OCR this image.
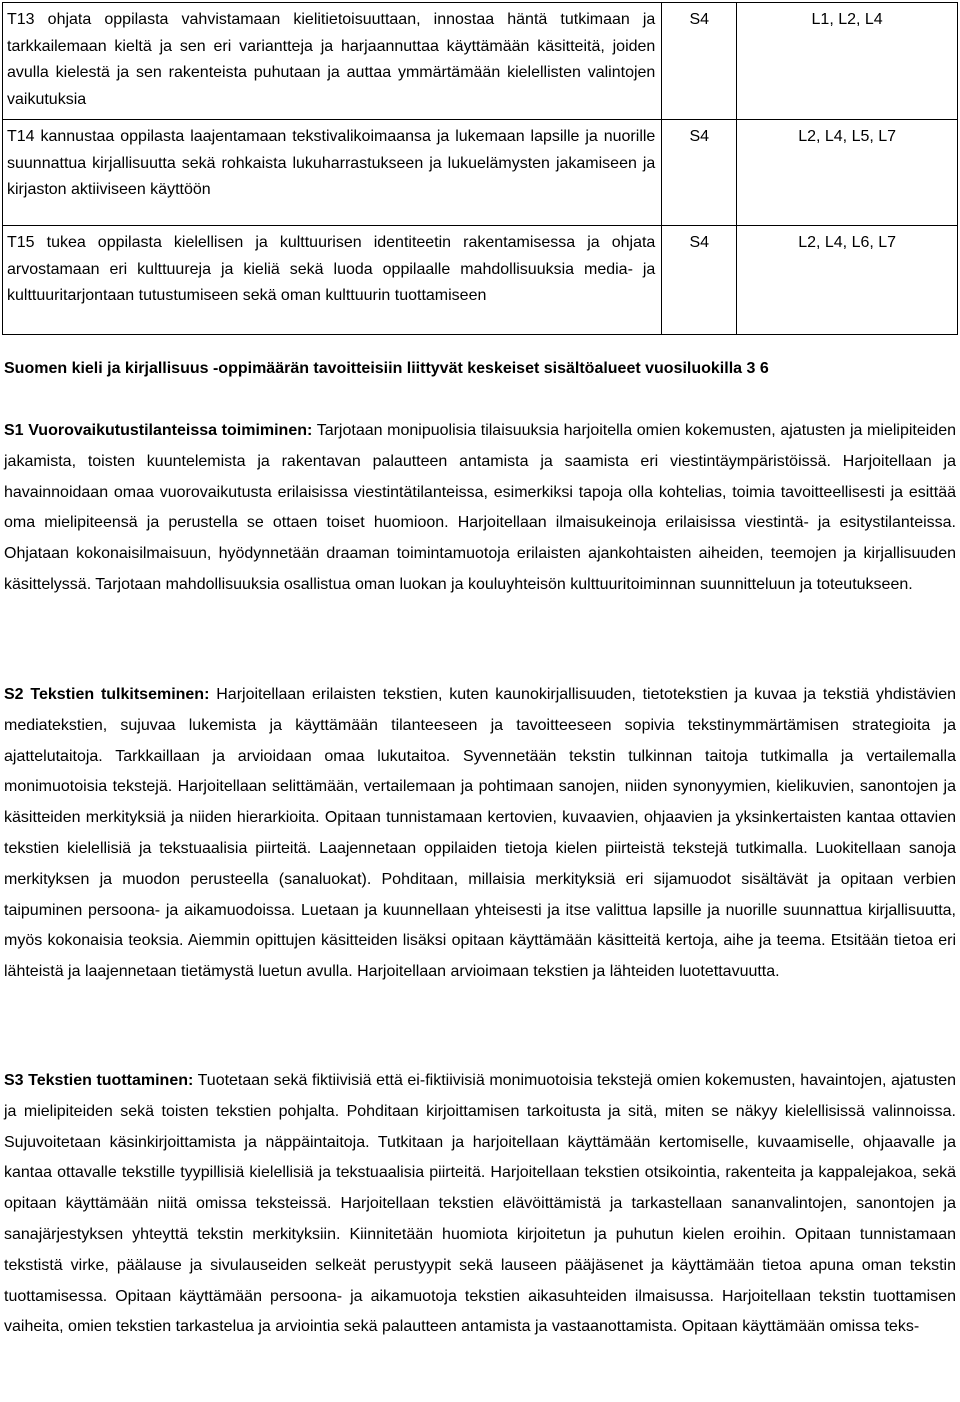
T13 ohjata oppilasta vahvistamaan kielitietoisuuttaan, innostaa häntä tutkimaan ja tarkkailemaan kieltä ja sen eri variantteja ja harjaannuttaa käyttämään käsitteitä, joiden avulla kielestä ja sen rakenteista puhutaan ja auttaa ymmärtämään kielellisten valintojen vaikutuksia	S4	L1, L2, L4

T14 kannustaa oppilasta laajentamaan tekstivalikoimaansa ja lukemaan lapsille ja nuorille suunnattua kirjallisuutta sekä rohkaista lukuharrastukseen ja lukuelämysten jakamiseen ja kirjaston aktiiviseen käyttöön	S4	L2, L4, L5, L7

T15 tukea oppilasta kielellisen ja kulttuurisen identiteetin rakentamisessa ja ohjata arvostamaan eri kulttuureja ja kieliä sekä luoda oppilaalle mahdollisuuksia media- ja kulttuuritarjontaan tutustumiseen sekä oman kulttuurin tuottamiseen	S4	L2, L4, L6, L7
Suomen kieli ja kirjallisuus -oppimäärän tavoitteisiin liittyvät keskeiset sisältöalueet vuosiluokilla 3 6
S1 Vuorovaikutustilanteissa toimiminen: Tarjotaan monipuolisia tilaisuuksia harjoitella omien kokemusten, ajatusten ja mielipiteiden jakamista, toisten kuuntelemista ja rakentavan palautteen antamista ja saamista eri viestintäympäristöissä. Harjoitellaan ja havainnoidaan omaa vuorovaikutusta erilaisissa viestintätilanteissa, esimerkiksi tapoja olla kohtelias, toimia tavoitteellisesti ja esittää oma mielipiteensä ja perustella se ottaen toiset huomioon. Harjoitellaan ilmaisukeinoja erilaisissa viestintä- ja esitystilanteissa. Ohjataan kokonaisilmaisuun, hyödynnetään draaman toimintamuotoja erilaisten ajankohtaisten aiheiden, teemojen ja kirjallisuuden käsittelyssä. Tarjotaan mahdollisuuksia osallistua oman luokan ja kouluyhteisön kulttuuritoiminnan suunnitteluun ja toteutukseen.
S2 Tekstien tulkitseminen: Harjoitellaan erilaisten tekstien, kuten kaunokirjallisuuden, tietotekstien ja kuvaa ja tekstiä yhdistävien mediatekstien, sujuvaa lukemista ja käyttämään tilanteeseen ja tavoitteeseen sopivia tekstinymmärtämisen strategioita ja ajattelutaitoja. Tarkkaillaan ja arvioidaan omaa lukutaitoa. Syvennetään tekstin tulkinnan taitoja tutkimalla ja vertailemalla monimuotoisia tekstejä. Harjoitellaan selittämään, vertailemaan ja pohtimaan sanojen, niiden synonyymien, kielikuvien, sanontojen ja käsitteiden merkityksiä ja niiden hierarkioita. Opitaan tunnistamaan kertovien, kuvaavien, ohjaavien ja yksinkertaisten kantaa ottavien tekstien kielellisiä ja tekstuaalisia piirteitä. Laajennetaan oppilaiden tietoja kielen piirteistä tekstejä tutkimalla. Luokitellaan sanoja merkityksen ja muodon perusteella (sanaluokat). Pohditaan, millaisia merkityksiä eri sijamuodot sisältävät ja opitaan verbien taipuminen persoona- ja aikamuodoissa. Luetaan ja kuunnellaan yhteisesti ja itse valittua lapsille ja nuorille suunnattua kirjallisuutta, myös kokonaisia teoksia. Aiemmin opittujen käsitteiden lisäksi opitaan käyttämään käsitteitä kertoja, aihe ja teema. Etsitään tietoa eri lähteistä ja laajennetaan tietämystä luetun avulla. Harjoitellaan arvioimaan tekstien ja lähteiden luotettavuutta.
S3 Tekstien tuottaminen: Tuotetaan sekä fiktiivisiä että ei-fiktiivisiä monimuotoisia tekstejä omien kokemusten, havaintojen, ajatusten ja mielipiteiden sekä toisten tekstien pohjalta. Pohditaan kirjoittamisen tarkoitusta ja sitä, miten se näkyy kielellisissä valinnoissa. Sujuvoitetaan käsinkirjoittamista ja näppäintaitoja. Tutkitaan ja harjoitellaan käyttämään kertomiselle, kuvaamiselle, ohjaavalle ja kantaa ottavalle tekstille tyypillisiä kielellisiä ja tekstuaalisia piirteitä. Harjoitellaan tekstien otsikointia, rakenteita ja kappalejakoa, sekä opitaan käyttämään niitä omissa teksteissä. Harjoitellaan tekstien elävöittämistä ja tarkastellaan sananvalintojen, sanontojen ja sanajärjestyksen yhteyttä tekstin merkityksiin. Kiinnitetään huomiota kirjoitetun ja puhutun kielen eroihin. Opitaan tunnistamaan tekstistä virke, päälause ja sivulauseiden selkeät perustyypit sekä lauseen pääjäsenet ja käyttämään tietoa apuna oman tekstin tuottamisessa. Opitaan käyttämään persoona- ja aikamuotoja tekstien aikasuhteiden ilmaisussa. Harjoitellaan tekstin tuottamisen vaiheita, omien tekstien tarkastelua ja arviointia sekä palautteen antamista ja vastaanottamista. Opitaan käyttämään omissa teks-
